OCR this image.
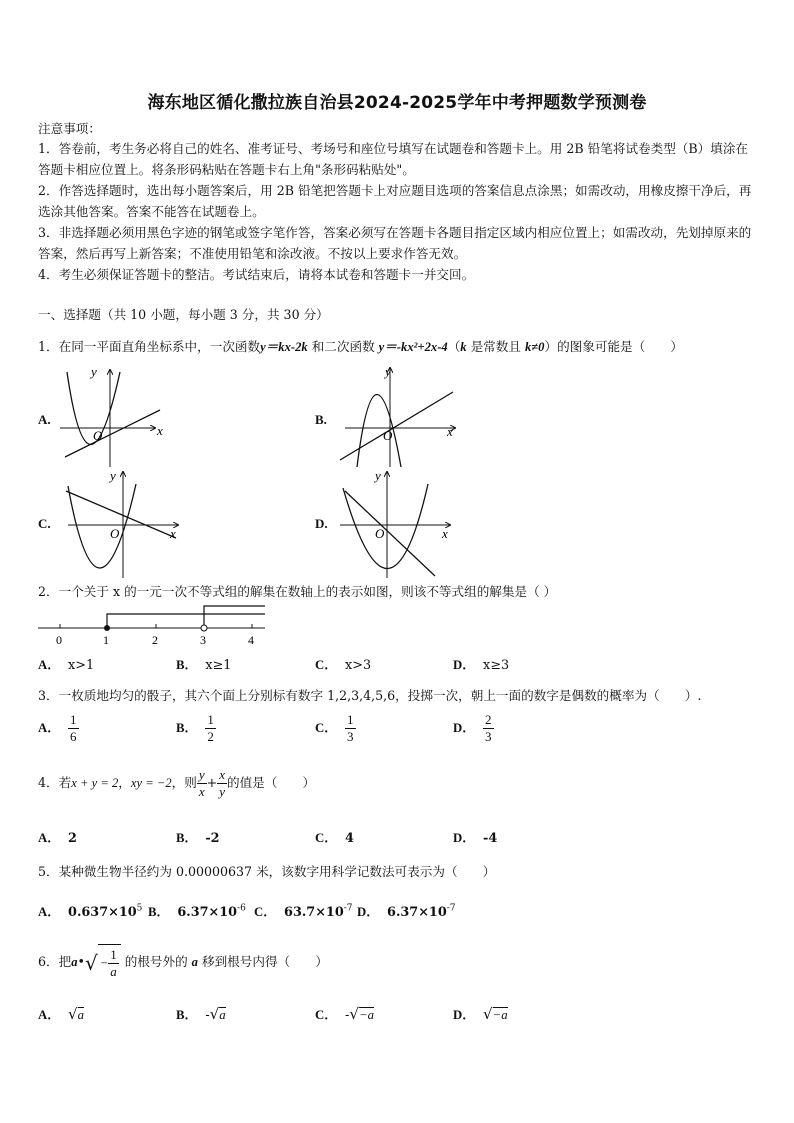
海东地区循化撒拉族自治县2024-2025学年中考押题数学预测卷
注意事项：
1．答卷前，考生务必将自己的姓名、准考证号、考场号和座位号填写在试题卷和答题卡上。用 2B 铅笔将试卷类型（B）填涂在答题卡相应位置上。将条形码粘贴在答题卡右上角"条形码粘贴处"。
2．作答选择题时，选出每小题答案后，用 2B 铅笔把答题卡上对应题目选项的答案信息点涂黑；如需改动，用橡皮擦干净后，再选涂其他答案。答案不能答在试题卷上。
3．非选择题必须用黑色字迹的钢笔或签字笔作答，答案必须写在答题卡各题目指定区域内相应位置上；如需改动，先划掉原来的答案，然后再写上新答案；不准使用铅笔和涂改液。不按以上要求作答无效。
4．考生必须保证答题卡的整洁。考试结束后，请将本试卷和答题卡一并交回。
一、选择题（共 10 小题，每小题 3 分，共 30 分）
1．在同一平面直角坐标系中，一次函数y＝kx-2k 和二次函数 y＝-kx²+2x-4（k 是常数且 k≠0）的图象可能是（　　）
A.
x
y
O
B.
x
y
O
C.
x
y
O
D.
x
y
O
2．一个关于 x 的一元一次不等式组的解集在数轴上的表示如图，则该不等式组的解集是（ ）
0	1	2	3	4
A． x>1	B． x≥1	C． x>3	D． x≥3
3．一枚质地均匀的骰子，其六个面上分别标有数字 1,2,3,4,5,6，投掷一次，朝上一面的数字是偶数的概率为（　　）.
A． $\frac{1}{6}$	B． $\frac{1}{2}$	C． $\frac{1}{3}$	D． $\frac{2}{3}$
4．若x + y = 2，xy = −2，则 $\frac{y}{x} + \frac{x}{y}$ 的值是（　　）
A． 2	B． -2	C． 4	D． -4
5．某种微生物半径约为 0.00000637 米，该数字用科学记数法可表示为（　　）
A． $0.637\times 10^5$ B． $6.37\times 10^{-6}$ C． $63.7\times 10^{-7}$ D． $6.37\times 10^{-7}$
6．把a•√ − $\frac{1}{a}$ 的根号外的 a 移到根号内得（　　）
A． √a	B． -√a	C． -√−a	D． √−a
